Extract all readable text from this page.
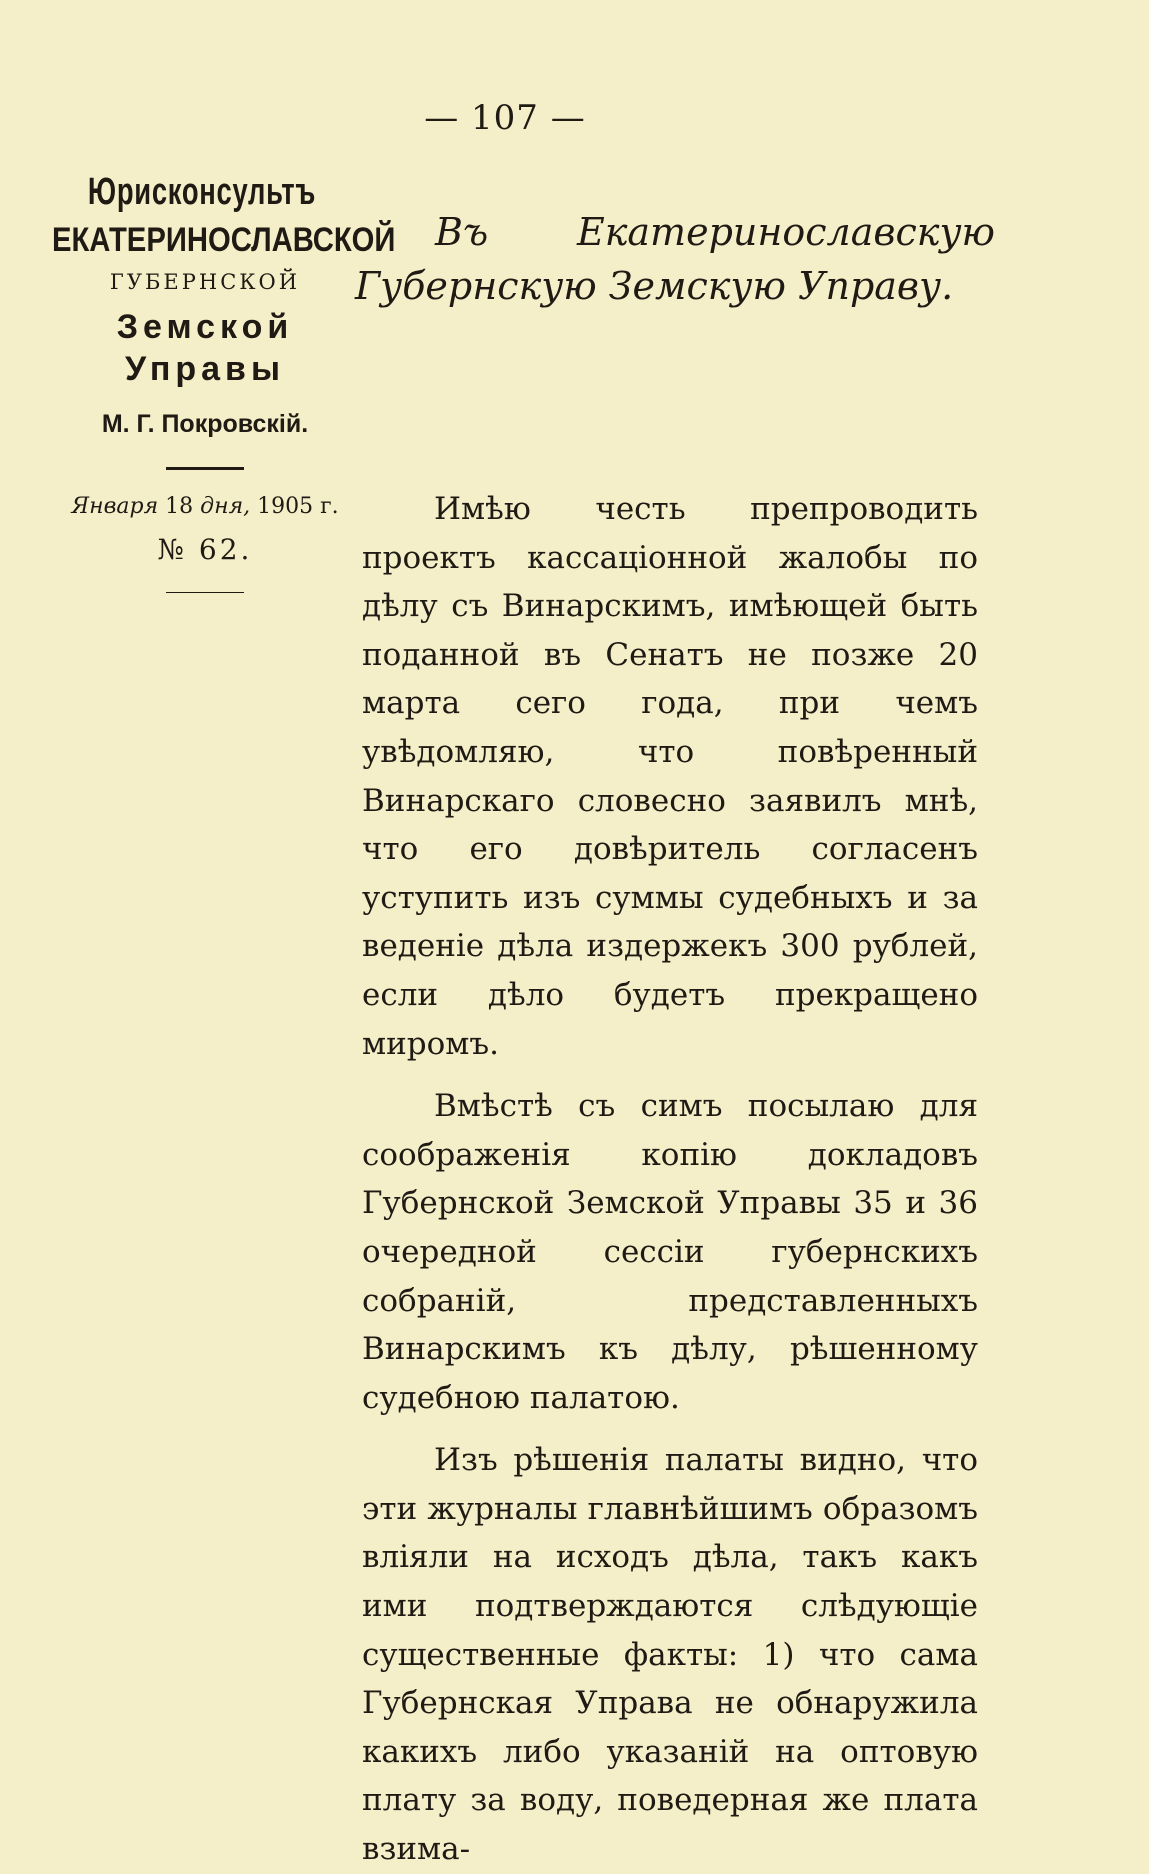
— 107 —
Юрисконсультъ
ЕКАТЕРИНОСЛАВСКОЙ
ГУБЕРНСКОЙ
Земской Управы
М. Г. Покровскій.
Января 18 дня, 1905 г.
№ 62.
Въ Екатеринославскую Губернскую Земскую Управу.

Имѣю честь препроводить проектъ кассаціонной жалобы по дѣлу съ Винарскимъ, имѣющей быть поданной въ Сенатъ не позже 20 марта сего года, при чемъ увѣдомляю, что повѣренный Винарскаго словесно заявилъ мнѣ, что его довѣритель согласенъ уступить изъ суммы судебныхъ и за веденіе дѣла издержекъ 300 рублей, если дѣло будетъ прекращено миромъ.

Вмѣстѣ съ симъ посылаю для соображенія копію докладовъ Губернской Земской Управы 35 и 36 очередной сессіи губернскихъ собраній, представленныхъ Винарскимъ къ дѣлу, рѣшенному судебною палатою.

Изъ рѣшенія палаты видно, что эти журналы главнѣйшимъ образомъ вліяли на исходъ дѣла, такъ какъ ими подтверждаются слѣдующіе существенные факты: 1) что сама Губернская Управа не обнаружила какихъ либо указаній на оптовую плату за воду, поведерная же плата взима-
